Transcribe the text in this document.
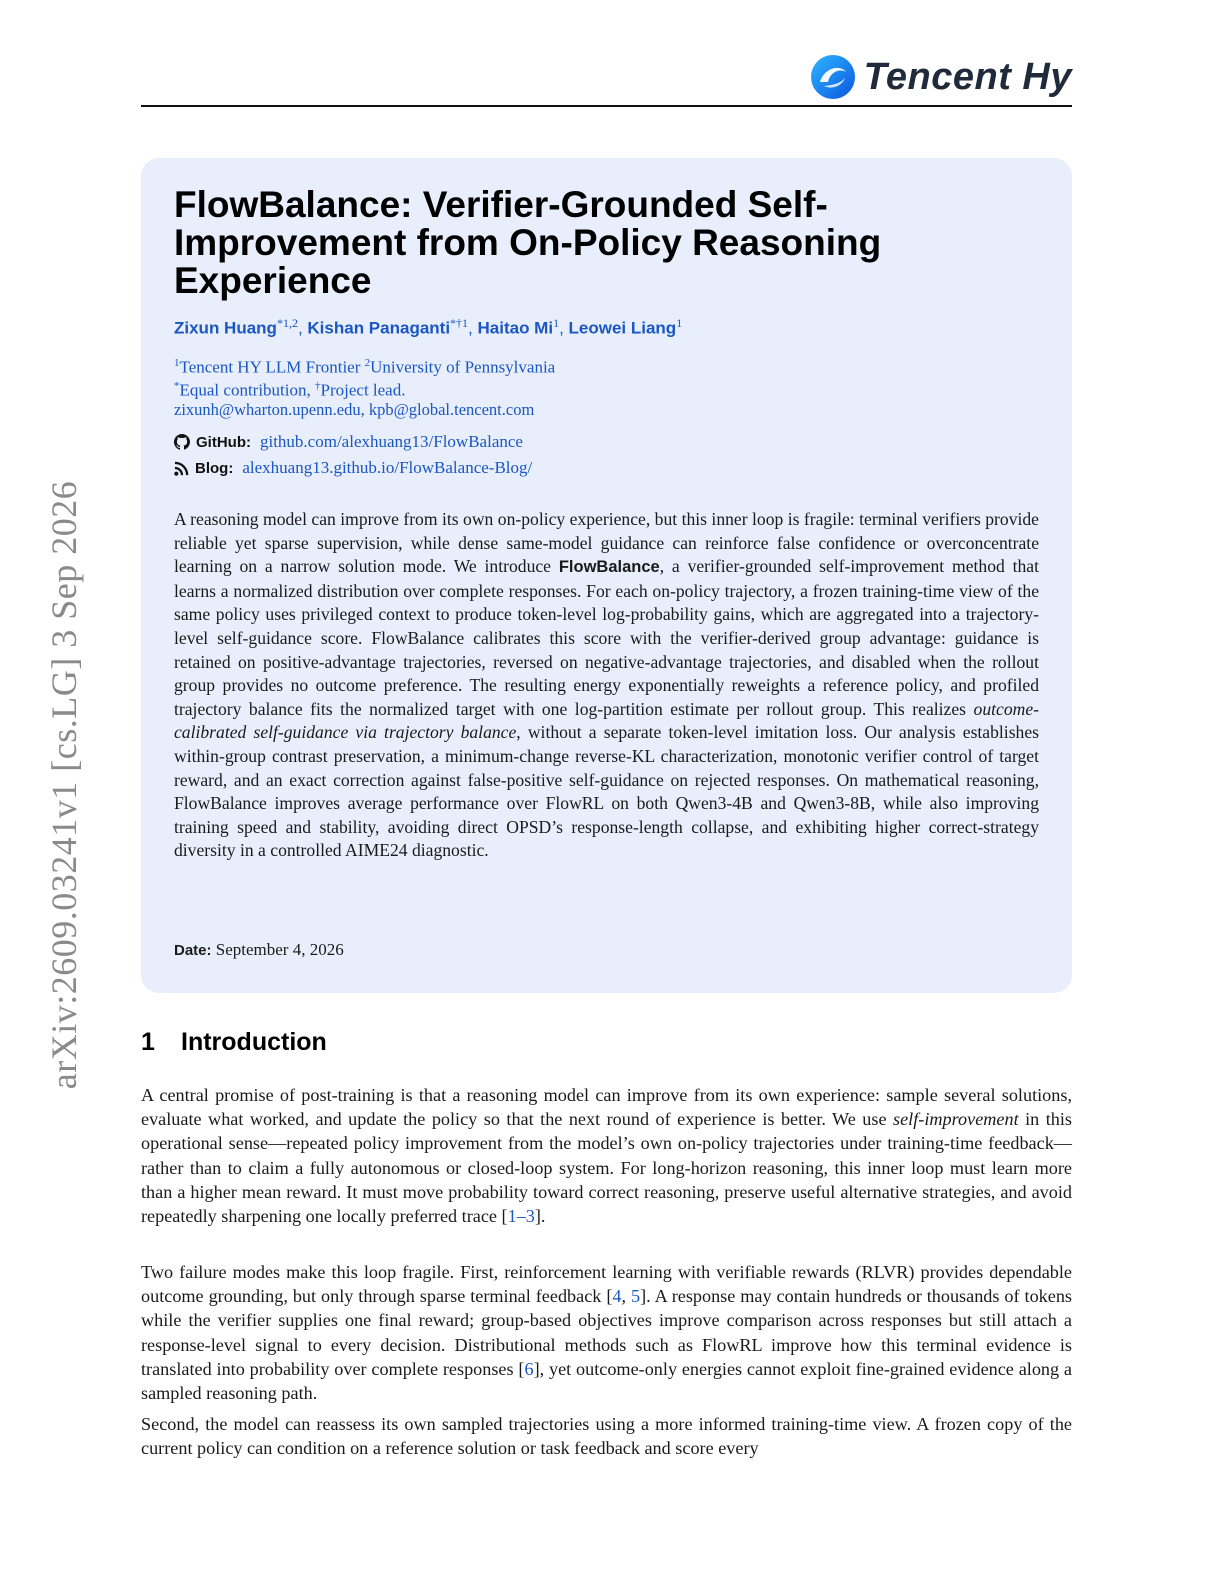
Tencent Hy
arXiv:2609.03241v1 [cs.LG] 3 Sep 2026
FlowBalance: Verifier-Grounded Self-Improvement from On-Policy Reasoning Experience
Zixun Huang$^{*1,2}$, Kishan Panaganti$^{*\dagger 1}$, Haitao Mi$^1$, Leowei Liang$^1$
$^1$Tencent HY LLM Frontier $^2$University of Pennsylvania
*Equal contribution, †Project lead.
zixunh@wharton.upenn.edu, kpb@global.tencent.com
GitHub: github.com/alexhuang13/FlowBalance
Blog: alexhuang13.github.io/FlowBalance-Blog/

A reasoning model can improve from its own on-policy experience, but this inner loop is fragile: terminal verifiers provide reliable yet sparse supervision, while dense same-model guidance can reinforce false confidence or overconcentrate learning on a narrow solution mode. We introduce FlowBalance, a verifier-grounded self-improvement method that learns a normalized distribution over complete responses. For each on-policy trajectory, a frozen training-time view of the same policy uses privileged context to produce token-level log-probability gains, which are aggregated into a trajectory-level self-guidance score. FlowBalance calibrates this score with the verifier-derived group advantage: guidance is retained on positive-advantage trajectories, reversed on negative-advantage trajectories, and disabled when the rollout group provides no outcome preference. The resulting energy exponentially reweights a reference policy, and profiled trajectory balance fits the normalized target with one log-partition estimate per rollout group. This realizes outcome-calibrated self-guidance via trajectory balance, without a separate token-level imitation loss. Our analysis establishes within-group contrast preservation, a minimum-change reverse-KL characterization, monotonic verifier control of target reward, and an exact correction against false-positive self-guidance on rejected responses. On mathematical reasoning, FlowBalance improves average performance over FlowRL on both Qwen3-4B and Qwen3-8B, while also improving training speed and stability, avoiding direct OPSD’s response-length collapse, and exhibiting higher correct-strategy diversity in a controlled AIME24 diagnostic.

Date: September 4, 2026
1 Introduction

A central promise of post-training is that a reasoning model can improve from its own experience: sample several solutions, evaluate what worked, and update the policy so that the next round of experience is better. We use self-improvement in this operational sense—repeated policy improvement from the model’s own on-policy trajectories under training-time feedback—rather than to claim a fully autonomous or closed-loop system. For long-horizon reasoning, this inner loop must learn more than a higher mean reward. It must move probability toward correct reasoning, preserve useful alternative strategies, and avoid repeatedly sharpening one locally preferred trace [1–3].

Two failure modes make this loop fragile. First, reinforcement learning with verifiable rewards (RLVR) provides dependable outcome grounding, but only through sparse terminal feedback [4, 5]. A response may contain hundreds or thousands of tokens while the verifier supplies one final reward; group-based objectives improve comparison across responses but still attach a response-level signal to every decision. Distributional methods such as FlowRL improve how this terminal evidence is translated into probability over complete responses [6], yet outcome-only energies cannot exploit fine-grained evidence along a sampled reasoning path.

Second, the model can reassess its own sampled trajectories using a more informed training-time view. A frozen copy of the current policy can condition on a reference solution or task feedback and score every
